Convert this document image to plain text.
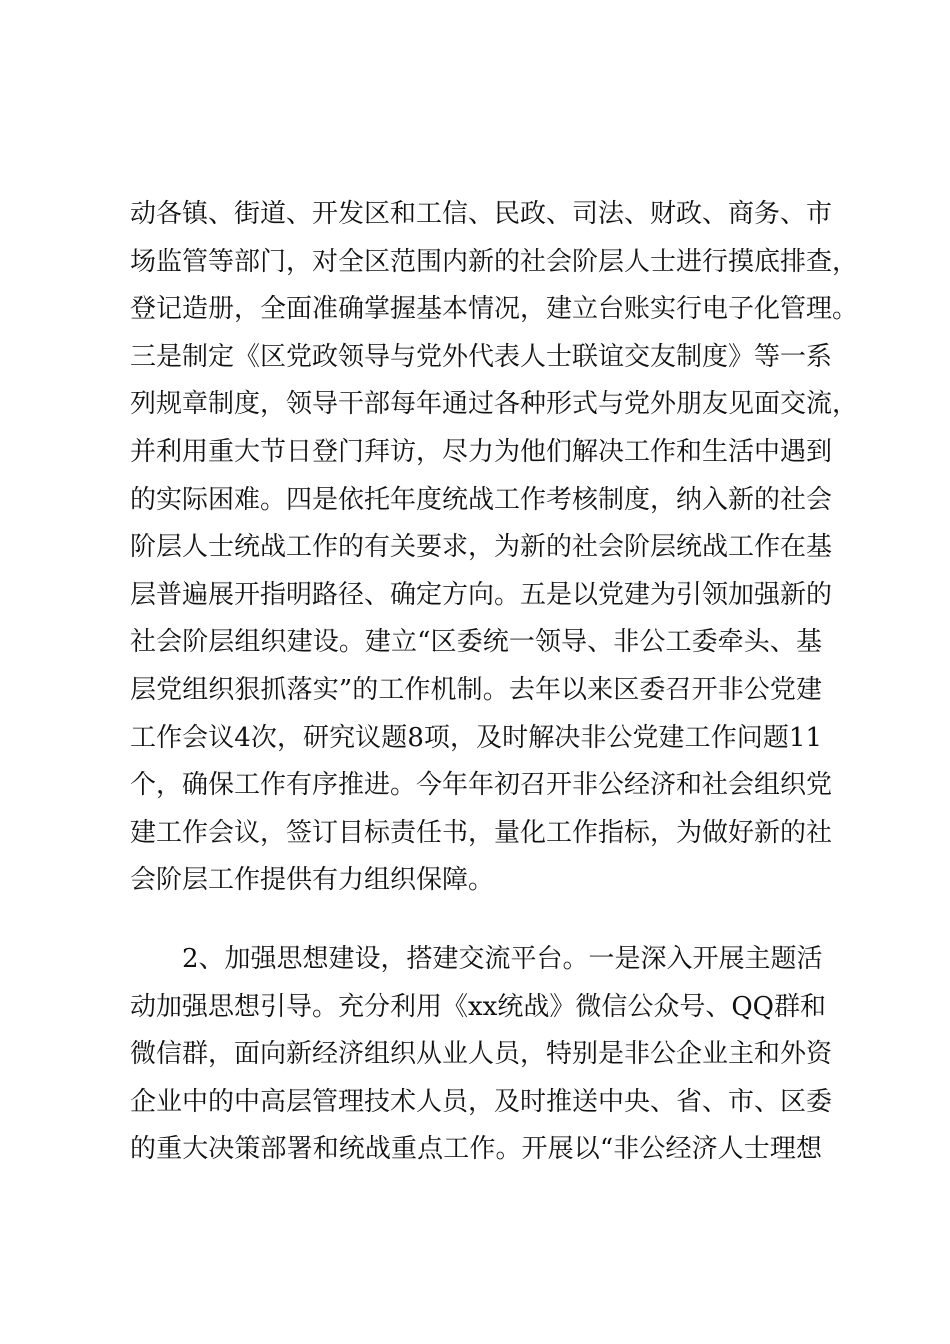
动各镇、街道、开发区和工信、民政、司法、财政、商务、市
场监管等部门，对全区范围内新的社会阶层人士进行摸底排查，
登记造册，全面准确掌握基本情况，建立台账实行电子化管理。
三是制定《区党政领导与党外代表人士联谊交友制度》等一系
列规章制度，领导干部每年通过各种形式与党外朋友见面交流，
并利用重大节日登门拜访，尽力为他们解决工作和生活中遇到
的实际困难。四是依托年度统战工作考核制度，纳入新的社会
阶层人士统战工作的有关要求，为新的社会阶层统战工作在基
层普遍展开指明路径、确定方向。五是以党建为引领加强新的
社会阶层组织建设。建立“区委统一领导、非公工委牵头、基
层党组织狠抓落实”的工作机制。去年以来区委召开非公党建
工作会议4次，研究议题8项，及时解决非公党建工作问题11
个，确保工作有序推进。今年年初召开非公经济和社会组织党
建工作会议，签订目标责任书，量化工作指标，为做好新的社
会阶层工作提供有力组织保障。
2、加强思想建设，搭建交流平台。一是深入开展主题活
动加强思想引导。充分利用《xx统战》微信公众号、QQ群和
微信群，面向新经济组织从业人员，特别是非公企业主和外资
企业中的中高层管理技术人员，及时推送中央、省、市、区委
的重大决策部署和统战重点工作。开展以“非公经济人士理想
